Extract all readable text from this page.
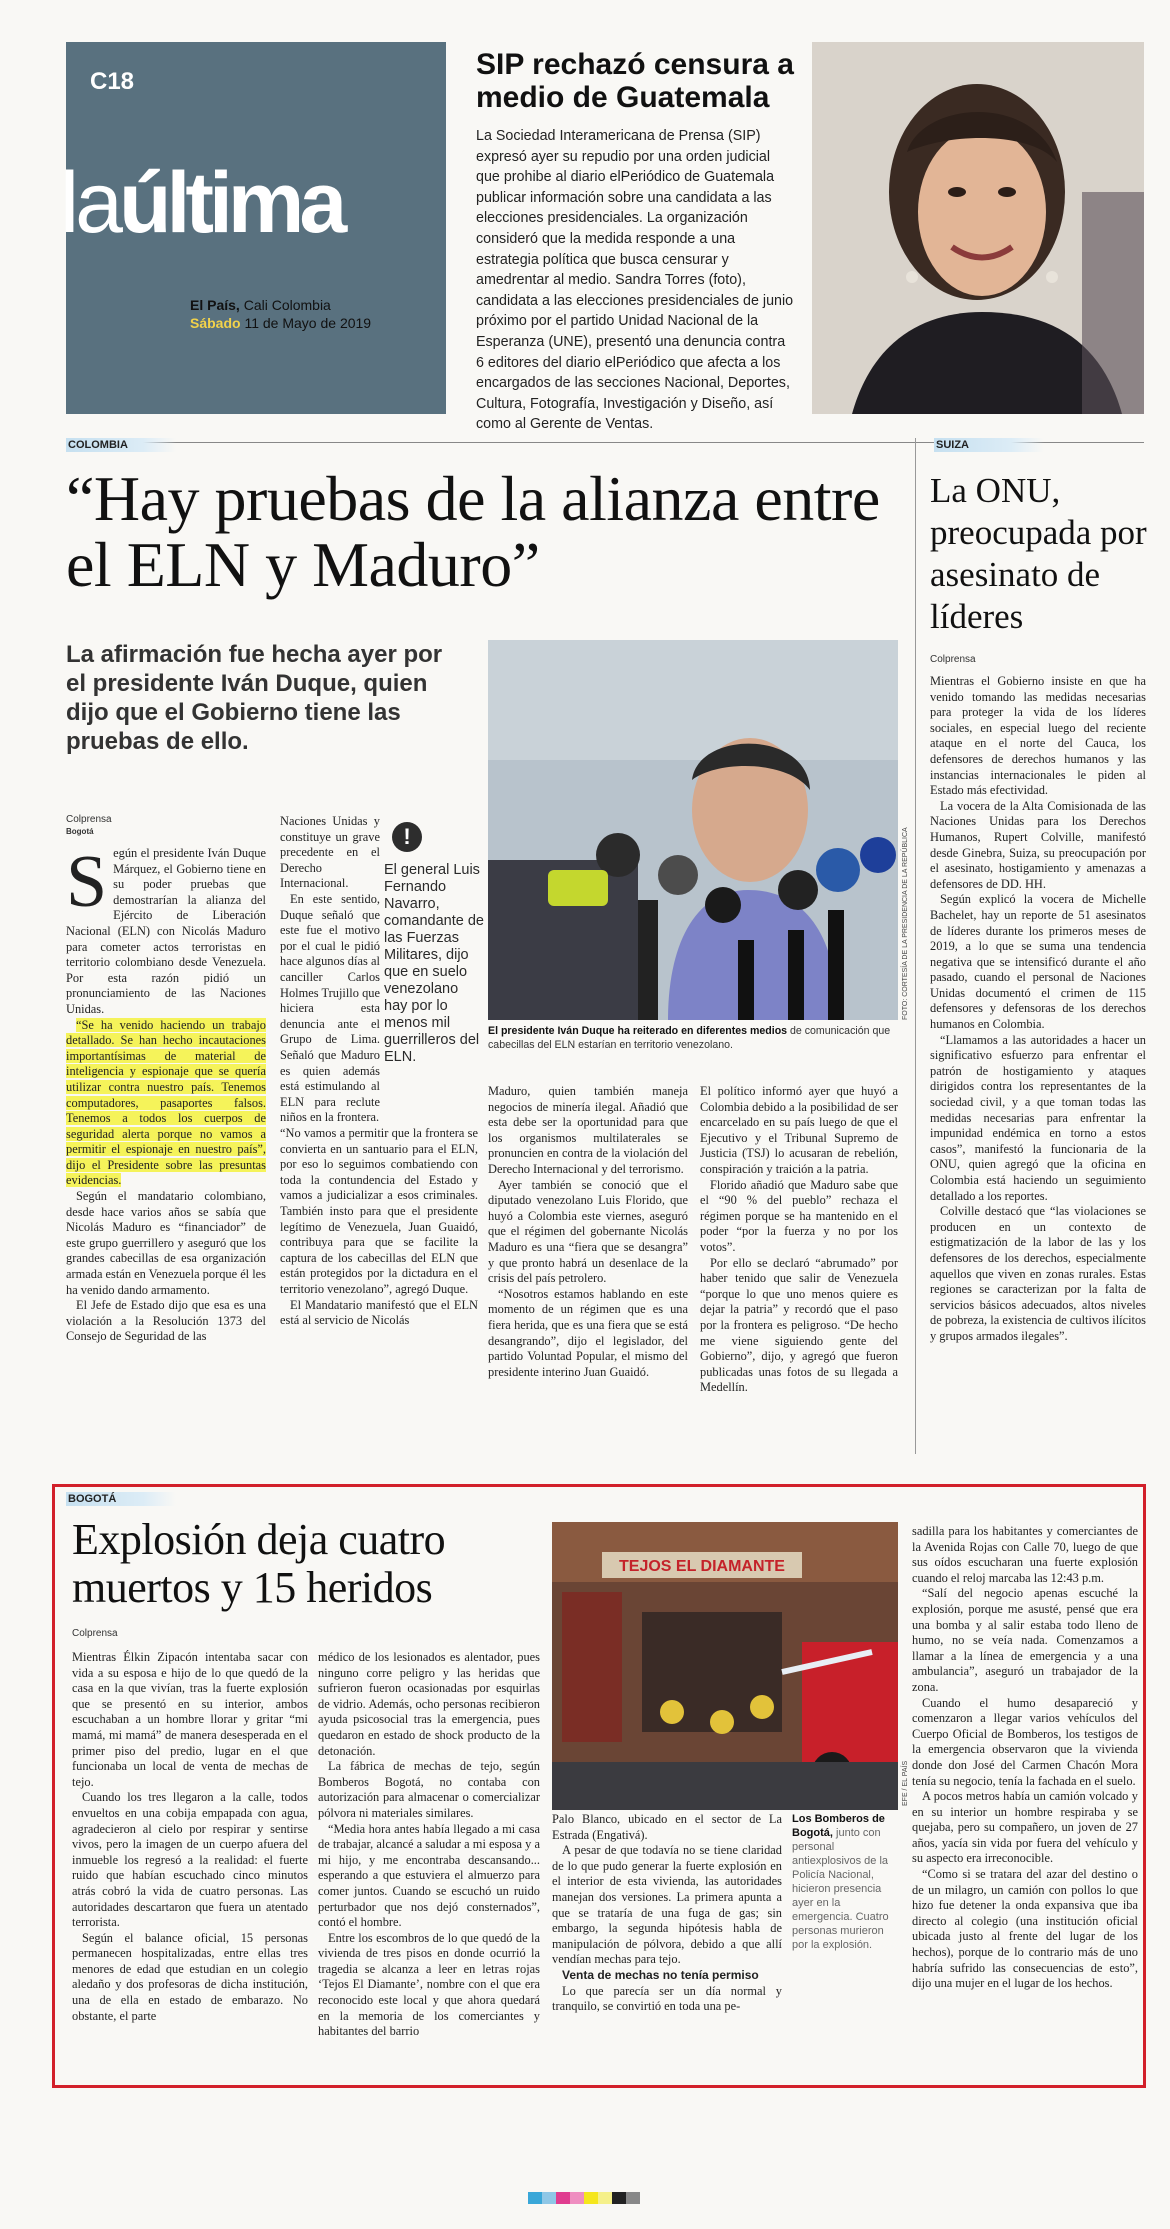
C18
laúltima
El País, Cali Colombia
Sábado 11 de Mayo de 2019
SIP rechazó censura a medio de Guatemala
La Sociedad Interamericana de Prensa (SIP) expresó ayer su repudio por una orden judicial que prohibe al diario elPeriódico de Guatemala publicar información sobre una candidata a las elecciones presidenciales. La organización consideró que la medida responde a una estrategia política que busca censurar y amedrentar al medio. Sandra Torres (foto), candidata a las elecciones presidenciales de junio próximo por el partido Unidad Nacional de la Esperanza (UNE), presentó una denuncia contra 6 editores del diario elPeriódico que afecta a los encargados de las secciones Nacional, Deportes, Cultura, Fotografía, Investigación y Diseño, así como al Gerente de Ventas.
COLOMBIA	SUIZA
“Hay pruebas de la alianza entre el ELN y Maduro”
La afirmación fue hecha ayer por el presidente Iván Duque, quien dijo que el Gobierno tiene las pruebas de ello.
FOTO: CORTESÍA DE LA PRESIDENCIA DE LA REPÚBLICA
El presidente Iván Duque ha reiterado en diferentes medios de comunicación que cabecillas del ELN estarían en territorio venezolano.
Colprensa
Bogotá

Según el presidente Iván Duque Márquez, el Gobierno tiene en su poder pruebas que demostrarían la alianza del Ejército de Liberación Nacional (ELN) con Nicolás Maduro para cometer actos terroristas en territorio colombiano desde Venezuela. Por esta razón pidió un pronunciamiento de las Naciones Unidas.

“Se ha venido haciendo un trabajo detallado. Se han hecho incautaciones importantísimas de material de inteligencia y espionaje que se quería utilizar contra nuestro país. Tenemos computadores, pasaportes falsos. Tenemos a todos los cuerpos de seguridad alerta porque no vamos a permitir el espionaje en nuestro país”, dijo el Presidente sobre las presuntas evidencias.

Según el mandatario colombiano, desde hace varios años se sabía que Nicolás Maduro es “financiador” de este grupo guerrillero y aseguró que los grandes cabecillas de esa organización armada están en Venezuela porque él les ha venido dando armamento.

El Jefe de Estado dijo que esa es una violación a la Resolución 1373 del Consejo de Seguridad de las

Naciones Unidas y constituye un grave precedente en el Derecho Internacional.

En este sentido, Duque señaló que este fue el motivo por el cual le pidió hace algunos días al canciller Carlos Holmes Trujillo que hiciera esta denuncia ante el Grupo de Lima. Señaló que Maduro es quien además está estimulando al ELN para reclute niños en la frontera.

!
El general Luis Fernando Navarro, comandante de las Fuerzas Militares, dijo que en suelo venezolano hay por lo menos mil guerrilleros del ELN.

“No vamos a permitir que la frontera se convierta en un santuario para el ELN, por eso lo seguimos combatiendo con toda la contundencia del Estado y vamos a judicializar a esos criminales. También insto para que el presidente legítimo de Venezuela, Juan Guaidó, contribuya para que se facilite la captura de los cabecillas del ELN que están protegidos por la dictadura en el territorio venezolano”, agregó Duque.

El Mandatario manifestó que el ELN está al servicio de Nicolás

Maduro, quien también maneja negocios de minería ilegal. Añadió que esta debe ser la oportunidad para que los organismos multilaterales se pronuncien en contra de la violación del Derecho Internacional y del terrorismo.

Ayer también se conoció que el diputado venezolano Luis Florido, que huyó a Colombia este viernes, aseguró que el régimen del gobernante Nicolás Maduro es una “fiera que se desangra” y que pronto habrá un desenlace de la crisis del país petrolero.

“Nosotros estamos hablando en este momento de un régimen que es una fiera herida, que es una fiera que se está desangrando”, dijo el legislador, del partido Voluntad Popular, el mismo del presidente interino Juan Guaidó.

El político informó ayer que huyó a Colombia debido a la posibilidad de ser encarcelado en su país luego de que el Ejecutivo y el Tribunal Supremo de Justicia (TSJ) lo acusaran de rebelión, conspiración y traición a la patria.

Florido añadió que Maduro sabe que el “90 % del pueblo” rechaza el régimen porque se ha mantenido en el poder “por la fuerza y no por los votos”.

Por ello se declaró “abrumado” por haber tenido que salir de Venezuela “porque lo que uno menos quiere es dejar la patria” y recordó que el paso por la frontera es peligroso. “De hecho me viene siguiendo gente del Gobierno”, dijo, y agregó que fueron publicadas unas fotos de su llegada a Medellín.

La ONU, preocupada por asesinato de líderes
Colprensa

Mientras el Gobierno insiste en que ha venido tomando las medidas necesarias para proteger la vida de los líderes sociales, en especial luego del reciente ataque en el norte del Cauca, los defensores de derechos humanos y las instancias internacionales le piden al Estado más efectividad.

La vocera de la Alta Comisionada de las Naciones Unidas para los Derechos Humanos, Rupert Colville, manifestó desde Ginebra, Suiza, su preocupación por el asesinato, hostigamiento y amenazas a defensores de DD. HH.

Según explicó la vocera de Michelle Bachelet, hay un reporte de 51 asesinatos de líderes durante los primeros meses de 2019, a lo que se suma una tendencia negativa que se intensificó durante el año pasado, cuando el personal de Naciones Unidas documentó el crimen de 115 defensores y defensoras de los derechos humanos en Colombia.

“Llamamos a las autoridades a hacer un significativo esfuerzo para enfrentar el patrón de hostigamiento y ataques dirigidos contra los representantes de la sociedad civil, y a que toman todas las medidas necesarias para enfrentar la impunidad endémica en torno a estos casos”, manifestó la funcionaria de la ONU, quien agregó que la oficina en Colombia está haciendo un seguimiento detallado a los reportes.

Colville destacó que “las violaciones se producen en un contexto de estigmatización de la labor de las y los defensores de los derechos, especialmente aquellos que viven en zonas rurales. Estas regiones se caracterizan por la falta de servicios básicos adecuados, altos niveles de pobreza, la existencia de cultivos ilícitos y grupos armados ilegales”.

BOGOTÁ
Explosión deja cuatro muertos y 15 heridos
Colprensa
TEJOS EL DIAMANTE
EFE / EL PAÍS
Los Bomberos de Bogotá, junto con personal antiexplosivos de la Policía Nacional, hicieron presencia ayer en la emergencia. Cuatro personas murieron por la explosión.

Mientras Élkin Zipacón intentaba sacar con vida a su esposa e hijo de lo que quedó de la casa en la que vivían, tras la fuerte explosión que se presentó en su interior, ambos escuchaban a un hombre llorar y gritar “mi mamá, mi mamá” de manera desesperada en el primer piso del predio, lugar en el que funcionaba un local de venta de mechas de tejo.

Cuando los tres llegaron a la calle, todos envueltos en una cobija empapada con agua, agradecieron al cielo por respirar y sentirse vivos, pero la imagen de un cuerpo afuera del inmueble los regresó a la realidad: el fuerte ruido que habían escuchado cinco minutos atrás cobró la vida de cuatro personas. Las autoridades descartaron que fuera un atentado terrorista.

Según el balance oficial, 15 personas permanecen hospitalizadas, entre ellas tres menores de edad que estudian en un colegio aledaño y dos profesoras de dicha institución, una de ella en estado de embarazo. No obstante, el parte

médico de los lesionados es alentador, pues ninguno corre peligro y las heridas que sufrieron fueron ocasionadas por esquirlas de vidrio. Además, ocho personas recibieron ayuda psicosocial tras la emergencia, pues quedaron en estado de shock producto de la detonación.

La fábrica de mechas de tejo, según Bomberos Bogotá, no contaba con autorización para almacenar o comercializar pólvora ni materiales similares.

“Media hora antes había llegado a mi casa de trabajar, alcancé a saludar a mi esposa y a mi hijo, y me encontraba descansando... esperando a que estuviera el almuerzo para comer juntos. Cuando se escuchó un ruido perturbador que nos dejó consternados”, contó el hombre.

Entre los escombros de lo que quedó de la vivienda de tres pisos en donde ocurrió la tragedia se alcanza a leer en letras rojas ‘Tejos El Diamante’, nombre con el que era reconocido este local y que ahora quedará en la memoria de los comerciantes y habitantes del barrio

Palo Blanco, ubicado en el sector de La Estrada (Engativá).

A pesar de que todavía no se tiene claridad de lo que pudo generar la fuerte explosión en el interior de esta vivienda, las autoridades manejan dos versiones. La primera apunta a que se trataría de una fuga de gas; sin embargo, la segunda hipótesis habla de manipulación de pólvora, debido a que allí vendían mechas para tejo.

Venta de mechas no tenía permiso

Lo que parecía ser un día normal y tranquilo, se convirtió en toda una pe-

sadilla para los habitantes y comerciantes de la Avenida Rojas con Calle 70, luego de que sus oídos escucharan una fuerte explosión cuando el reloj marcaba las 12:43 p.m.

“Salí del negocio apenas escuché la explosión, porque me asusté, pensé que era una bomba y al salir estaba todo lleno de humo, no se veía nada. Comenzamos a llamar a la línea de emergencia y a una ambulancia”, aseguró un trabajador de la zona.

Cuando el humo desapareció y comenzaron a llegar varios vehículos del Cuerpo Oficial de Bomberos, los testigos de la emergencia observaron que la vivienda donde don José del Carmen Chacón Mora tenía su negocio, tenía la fachada en el suelo.

A pocos metros había un camión volcado y en su interior un hombre respiraba y se quejaba, pero su compañero, un joven de 27 años, yacía sin vida por fuera del vehículo y su aspecto era irreconocible.

“Como si se tratara del azar del destino o de un milagro, un camión con pollos lo que hizo fue detener la onda expansiva que iba directo al colegio (una institución oficial ubicada justo al frente del lugar de los hechos), porque de lo contrario más de uno habría sufrido las consecuencias de esto”, dijo una mujer en el lugar de los hechos.
